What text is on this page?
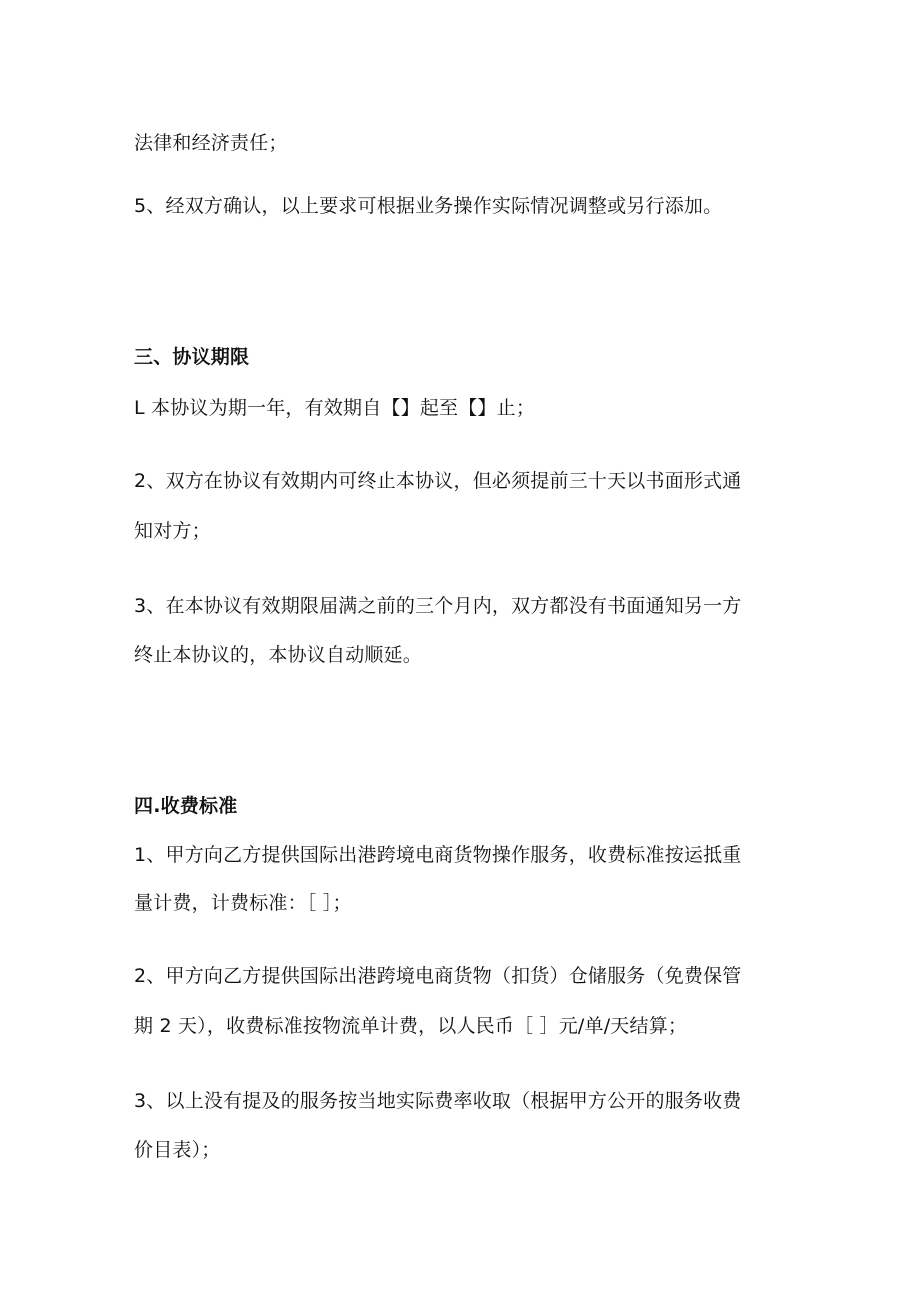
法律和经济责任；
5、经双方确认，以上要求可根据业务操作实际情况调整或另行添加。
三、协议期限
L 本协议为期一年，有效期自【】起至【】止；
2、双方在协议有效期内可终止本协议，但必须提前三十天以书面形式通
知对方；
3、在本协议有效期限届满之前的三个月内，双方都没有书面通知另一方
终止本协议的，本协议自动顺延。
四.收费标准
1、甲方向乙方提供国际出港跨境电商货物操作服务，收费标准按运抵重
量计费，计费标准：［ ］；
2、甲方向乙方提供国际出港跨境电商货物（扣货）仓储服务（免费保管
期 2 天），收费标准按物流单计费，以人民币［ ］元/单/天结算；
3、以上没有提及的服务按当地实际费率收取（根据甲方公开的服务收费
价目表）；
